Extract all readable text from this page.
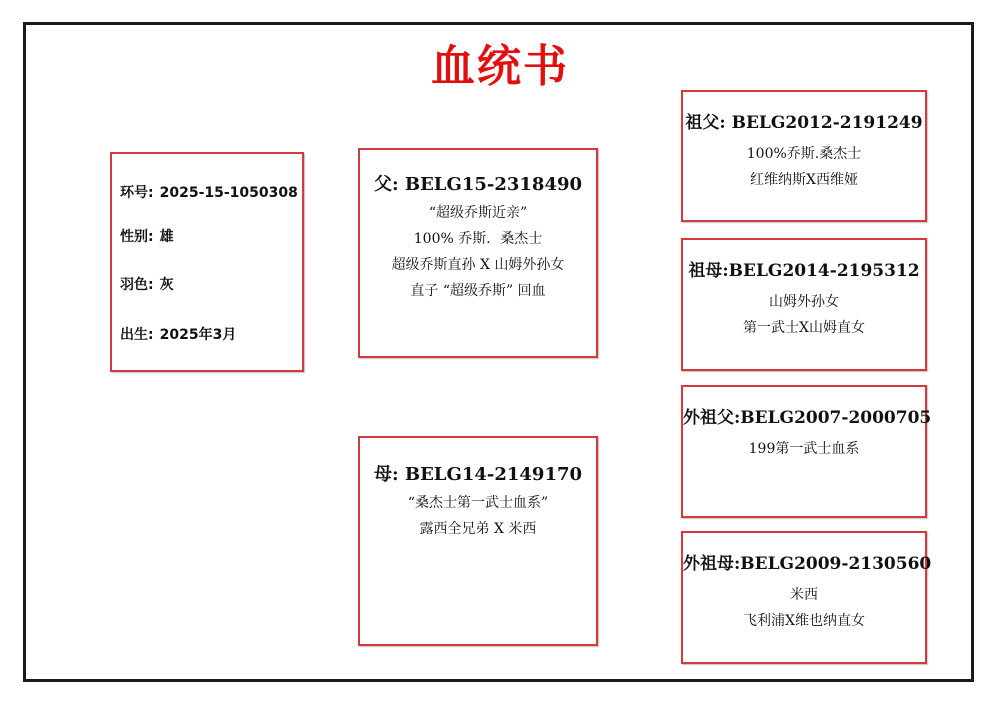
血统书
环号: 2025-15-1050308
性别: 雄
羽色: 灰
出生: 2025年3月
父: BELG15-2318490
“超级乔斯近亲”
100% 乔斯．桑杰士
超级乔斯直孙 X 山姆外孙女
直子 “超级乔斯” 回血
母: BELG14-2149170
“桑杰士第一武士血系”
露西全兄弟 X 米西
祖父: BELG2012-2191249
100%乔斯.桑杰士
红维纳斯X西维娅
祖母:BELG2014-2195312
山姆外孙女
第一武士X山姆直女
外祖父:BELG2007-2000705
199第一武士血系
外祖母:BELG2009-2130560
米西
飞利浦X维也纳直女
